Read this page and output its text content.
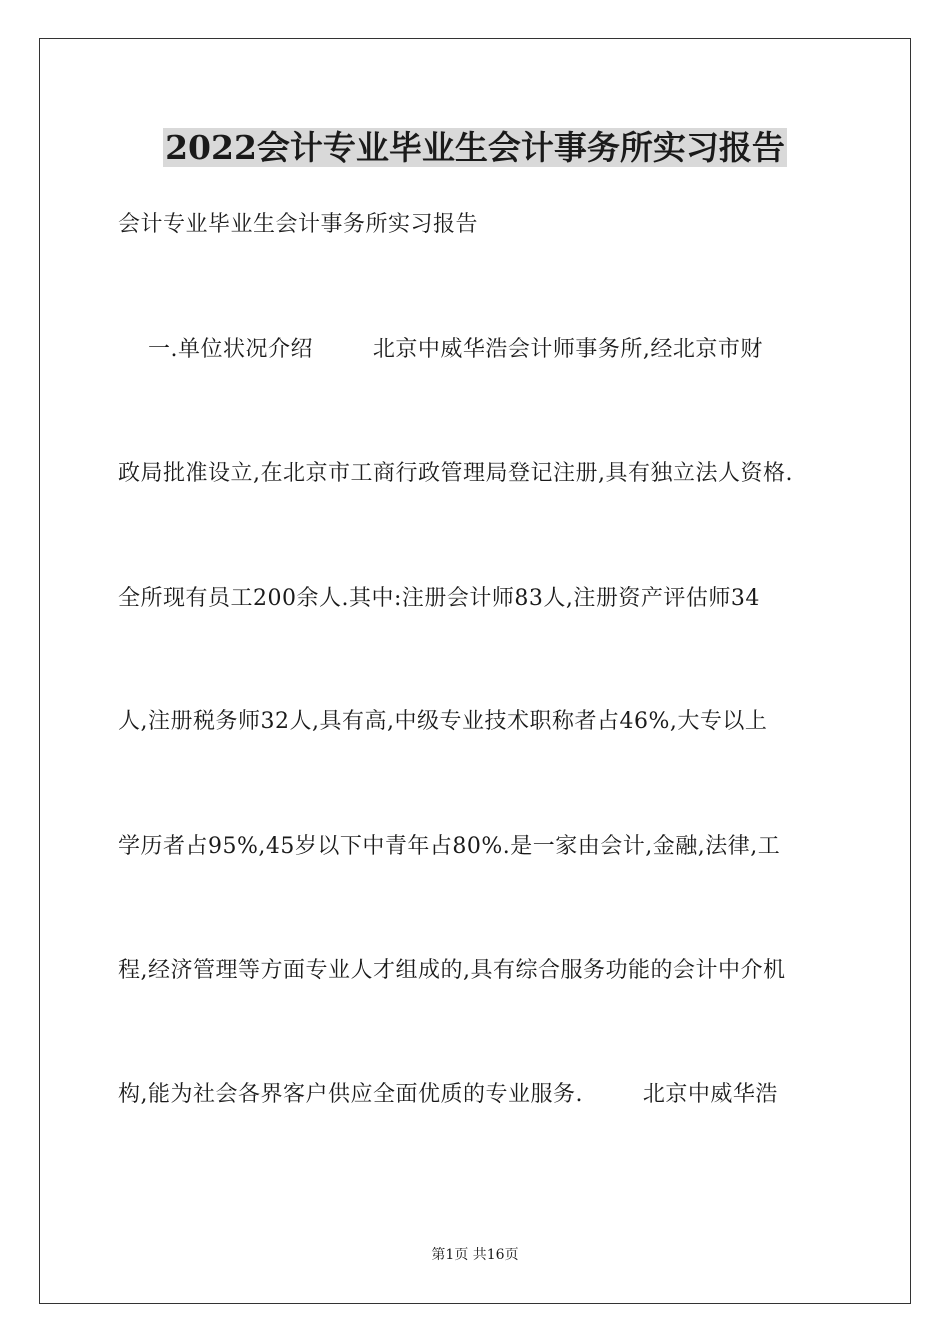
2022会计专业毕业生会计事务所实习报告

会计专业毕业生会计事务所实习报告

一.单位状况介绍        北京中威华浩会计师事务所,经北京市财

政局批准设立,在北京市工商行政管理局登记注册,具有独立法人资格.

全所现有员工200余人.其中:注册会计师83人,注册资产评估师34

人,注册税务师32人,具有高,中级专业技术职称者占46%,大专以上

学历者占95%,45岁以下中青年占80%.是一家由会计,金融,法律,工

程,经济管理等方面专业人才组成的,具有综合服务功能的会计中介机

构,能为社会各界客户供应全面优质的专业服务.        北京中威华浩

第1页 共16页
